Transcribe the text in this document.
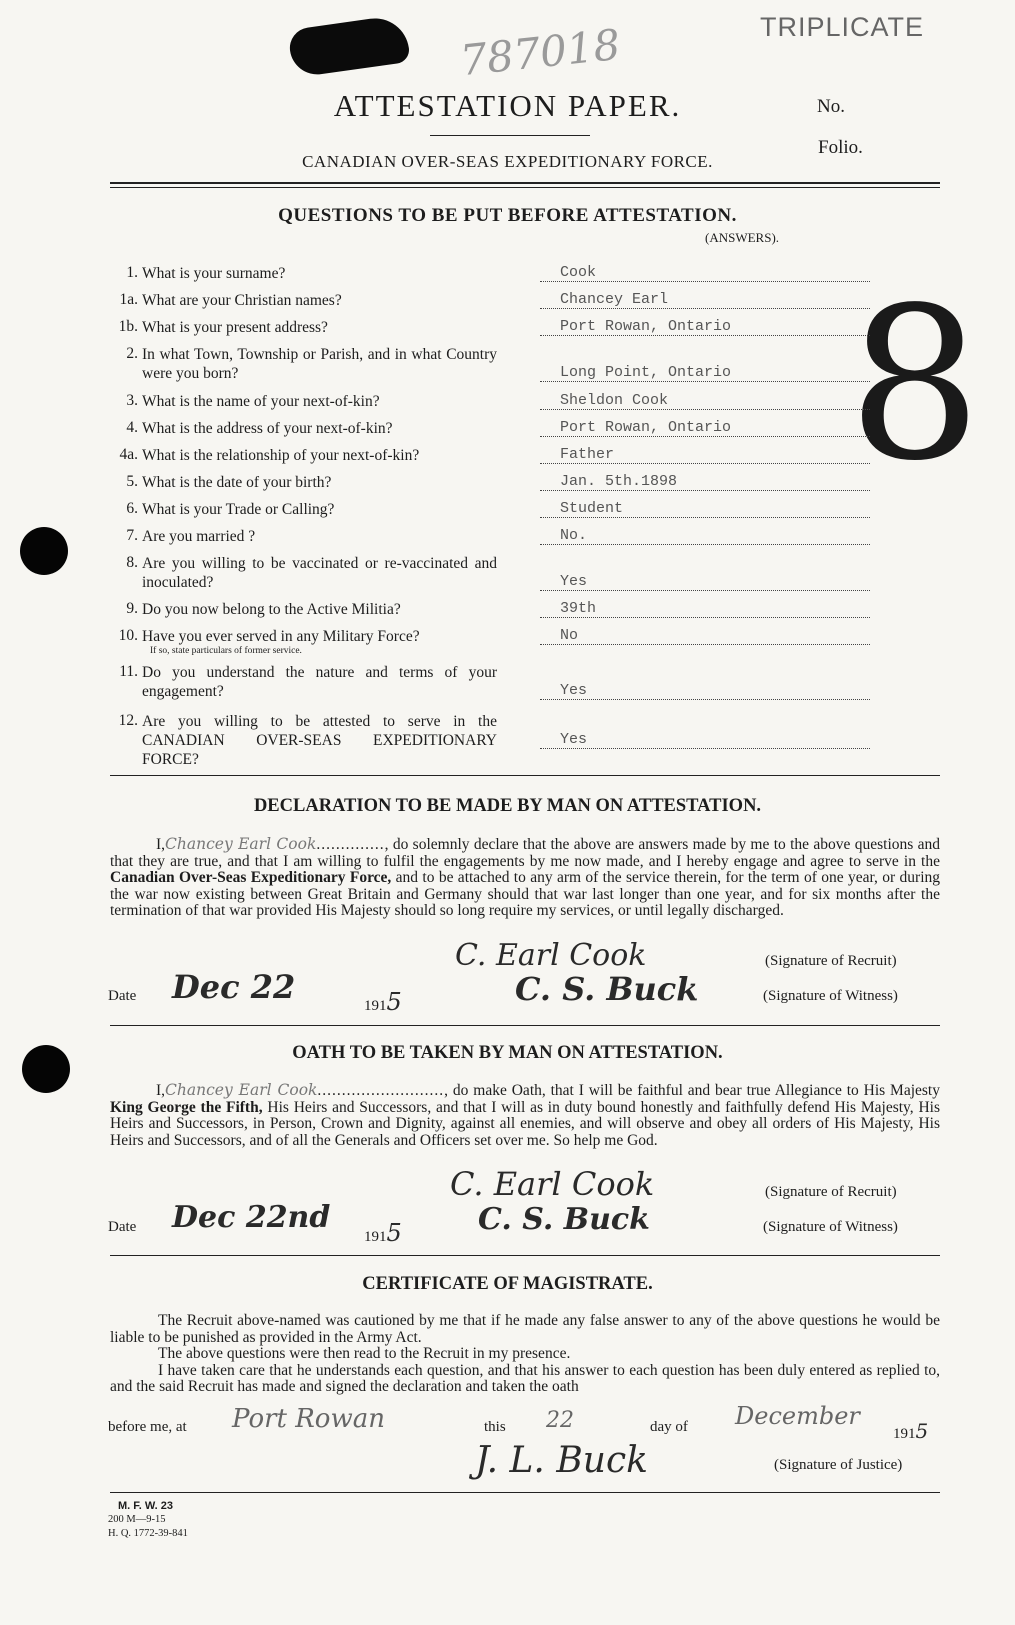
TRIPLICATE
787018
ATTESTATION PAPER.	No.
Folio.
CANADIAN OVER-SEAS EXPEDITIONARY FORCE.
8
QUESTIONS TO BE PUT BEFORE ATTESTATION.
(ANSWERS).
1. What is your surname?	Cook
1a. What are your Christian names?	Chancey Earl
1b. What is your present address?	Port Rowan, Ontario
2. In what Town, Township or Parish, and in what Country were you born?	Long Point, Ontario
3. What is the name of your next-of-kin?	Sheldon Cook
4. What is the address of your next-of-kin?	Port Rowan, Ontario
4a. What is the relationship of your next-of-kin?	Father
5. What is the date of your birth?	Jan. 5th.1898
6. What is your Trade or Calling?	Student
7. Are you married ?	No.
8. Are you willing to be vaccinated or re-vaccinated and inoculated?	Yes
9. Do you now belong to the Active Militia?	39th
10. Have you ever served in any Military Force?
If so, state particulars of former service.
No
11. Do you understand the nature and terms of your engagement?	Yes
12. Are you willing to be attested to serve in the CANADIAN OVER-SEAS EXPEDITIONARY FORCE?
Yes
DECLARATION TO BE MADE BY MAN ON ATTESTATION.
I,Chancey Earl Cook.............., do solemnly declare that the above are answers made by me to the above questions and that they are true, and that I am willing to fulfil the engagements by me now made, and I hereby engage and agree to serve in the Canadian Over-Seas Expeditionary Force, and to be attached to any arm of the service therein, for the term of one year, or during the war now existing between Great Britain and Germany should that war last longer than one year, and for six months after the termination of that war provided His Majesty should so long require my services, or until legally discharged.
C. Earl Cook	(Signature of Recruit)
Date Dec 22	1915	C. S. Buck	(Signature of Witness)
OATH TO BE TAKEN BY MAN ON ATTESTATION.
I,Chancey Earl Cook.........................., do make Oath, that I will be faithful and bear true Allegiance to His Majesty King George the Fifth, His Heirs and Successors, and that I will as in duty bound honestly and faithfully defend His Majesty, His Heirs and Successors, in Person, Crown and Dignity, against all enemies, and will observe and obey all orders of His Majesty, His Heirs and Successors, and of all the Generals and Officers set over me. So help me God.
C. Earl Cook	(Signature of Recruit)
Date Dec 22nd
1915	C. S. Buck	(Signature of Witness)
CERTIFICATE OF MAGISTRATE.
The Recruit above-named was cautioned by me that if he made any false answer to any of the above questions he would be liable to be punished as provided in the Army Act.
The above questions were then read to the Recruit in my presence.
I have taken care that he understands each question, and that his answer to each question has been duly entered as replied to, and the said Recruit has made and signed the declaration and taken the oath
before me, at Port Rowan	this 22	day of December
1915
J. L. Buck	(Signature of Justice)
M. F. W. 23
200 M—9-15
H. Q. 1772-39-841
